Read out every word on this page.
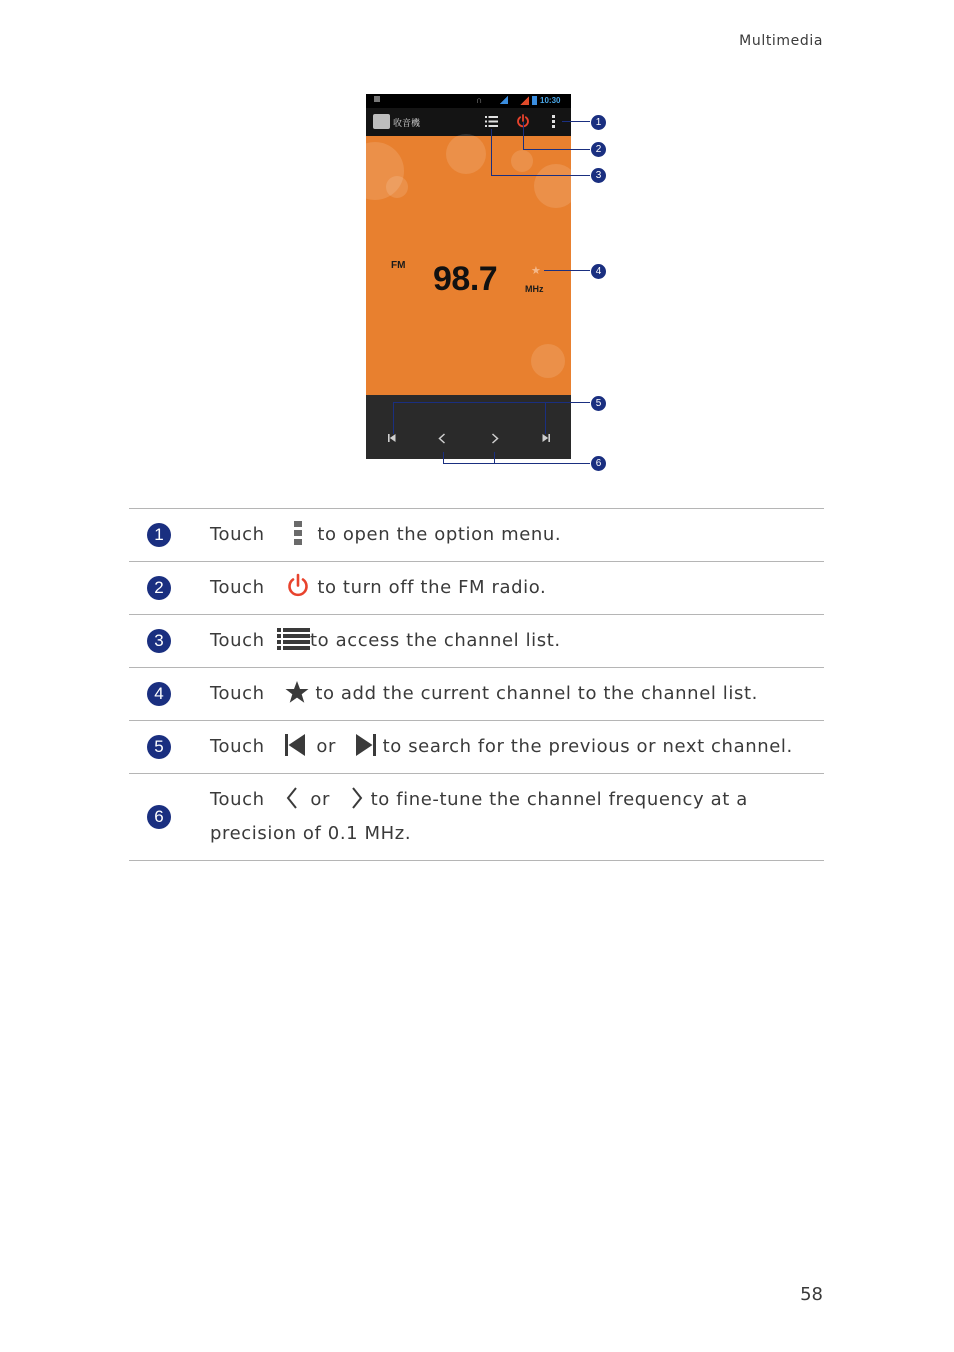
Multimedia
∩	10:30
收音機
FM 98.7	★
MHz
1
2
3
4
5
6
1	Touch to open the option menu.

2	Touch to turn off the FM radio.

3	Touch to access the channel list.

4	Touch to add the current channel to the channel list.

5	Touch or to search for the previous or next channel.

6	Touch or to fine-tune the channel frequency at a precision of 0.1 MHz.
58
